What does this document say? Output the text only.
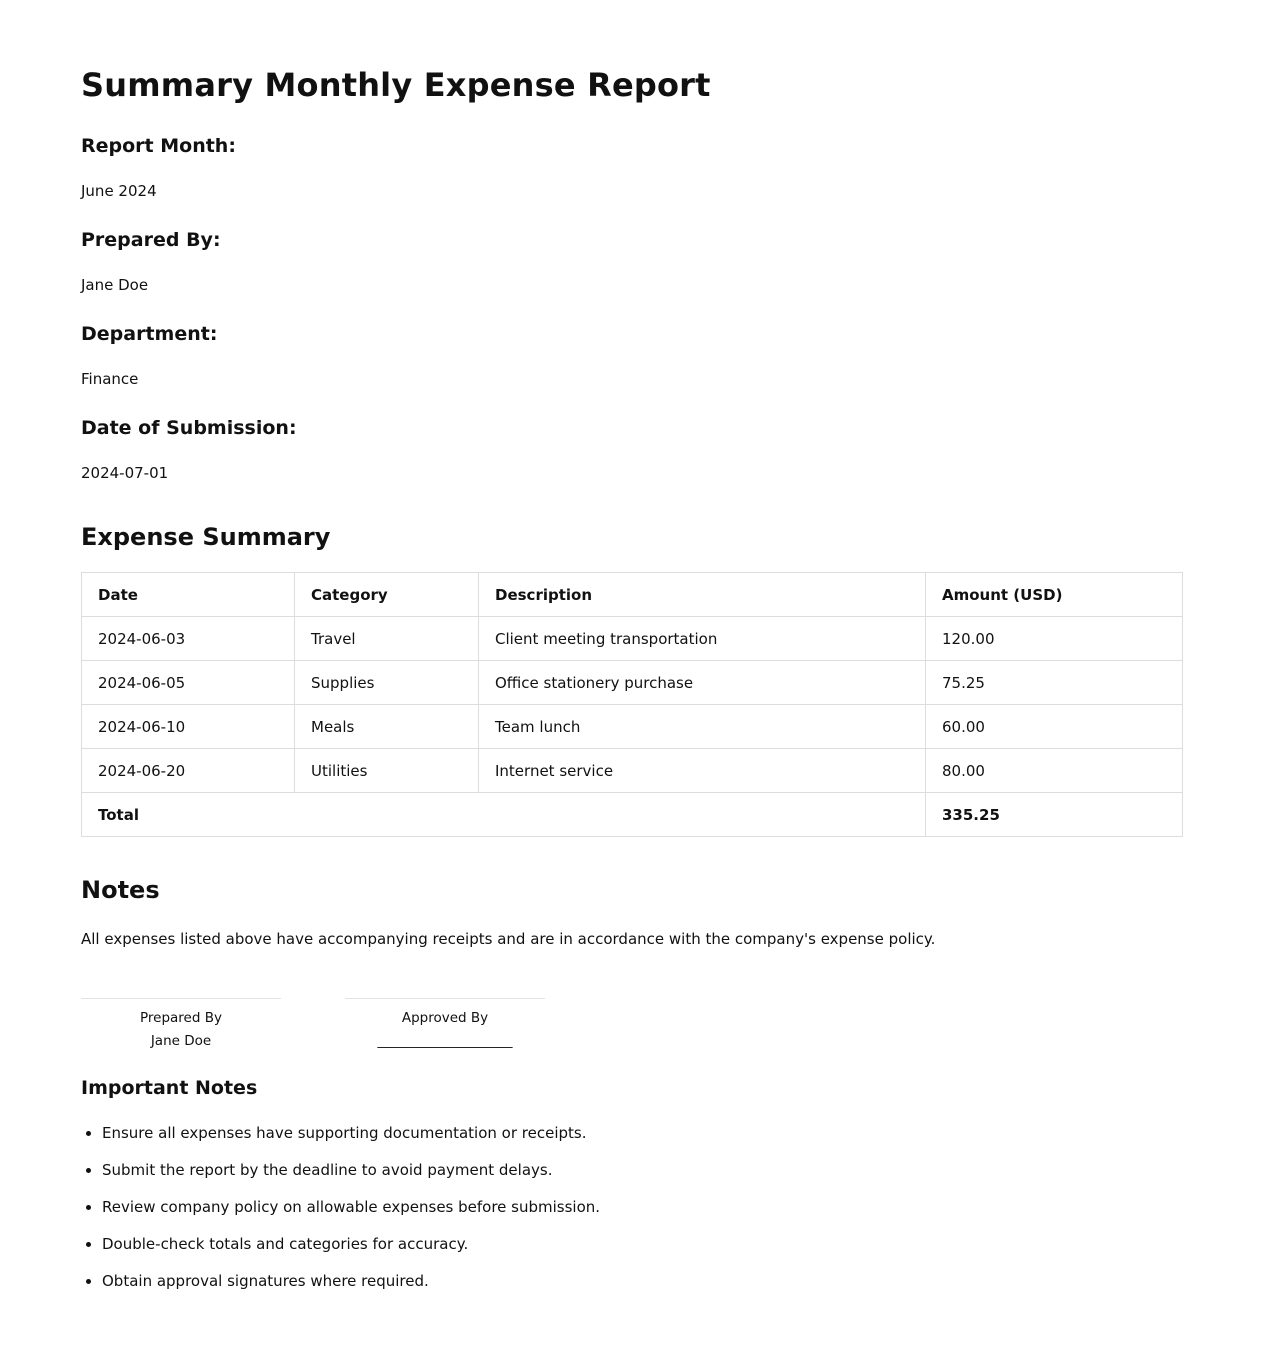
Summary Monthly Expense Report
Report Month:

June 2024

Prepared By:

Jane Doe

Department:

Finance

Date of Submission:

2024-07-01

Expense Summary
Date	Category	Description	Amount (USD)
2024-06-03	Travel	Client meeting transportation	120.00
2024-06-05	Supplies	Office stationery purchase	75.25
2024-06-10	Meals	Team lunch	60.00
2024-06-20	Utilities	Internet service	80.00
Total			335.25
Notes

All expenses listed above have accompanying receipts and are in accordance with the company's expense policy.

Prepared By
Jane Doe
Approved By
____________________
Important Notes
• Ensure all expenses have supporting documentation or receipts.
• Submit the report by the deadline to avoid payment delays.
• Review company policy on allowable expenses before submission.
• Double-check totals and categories for accuracy.
• Obtain approval signatures where required.
